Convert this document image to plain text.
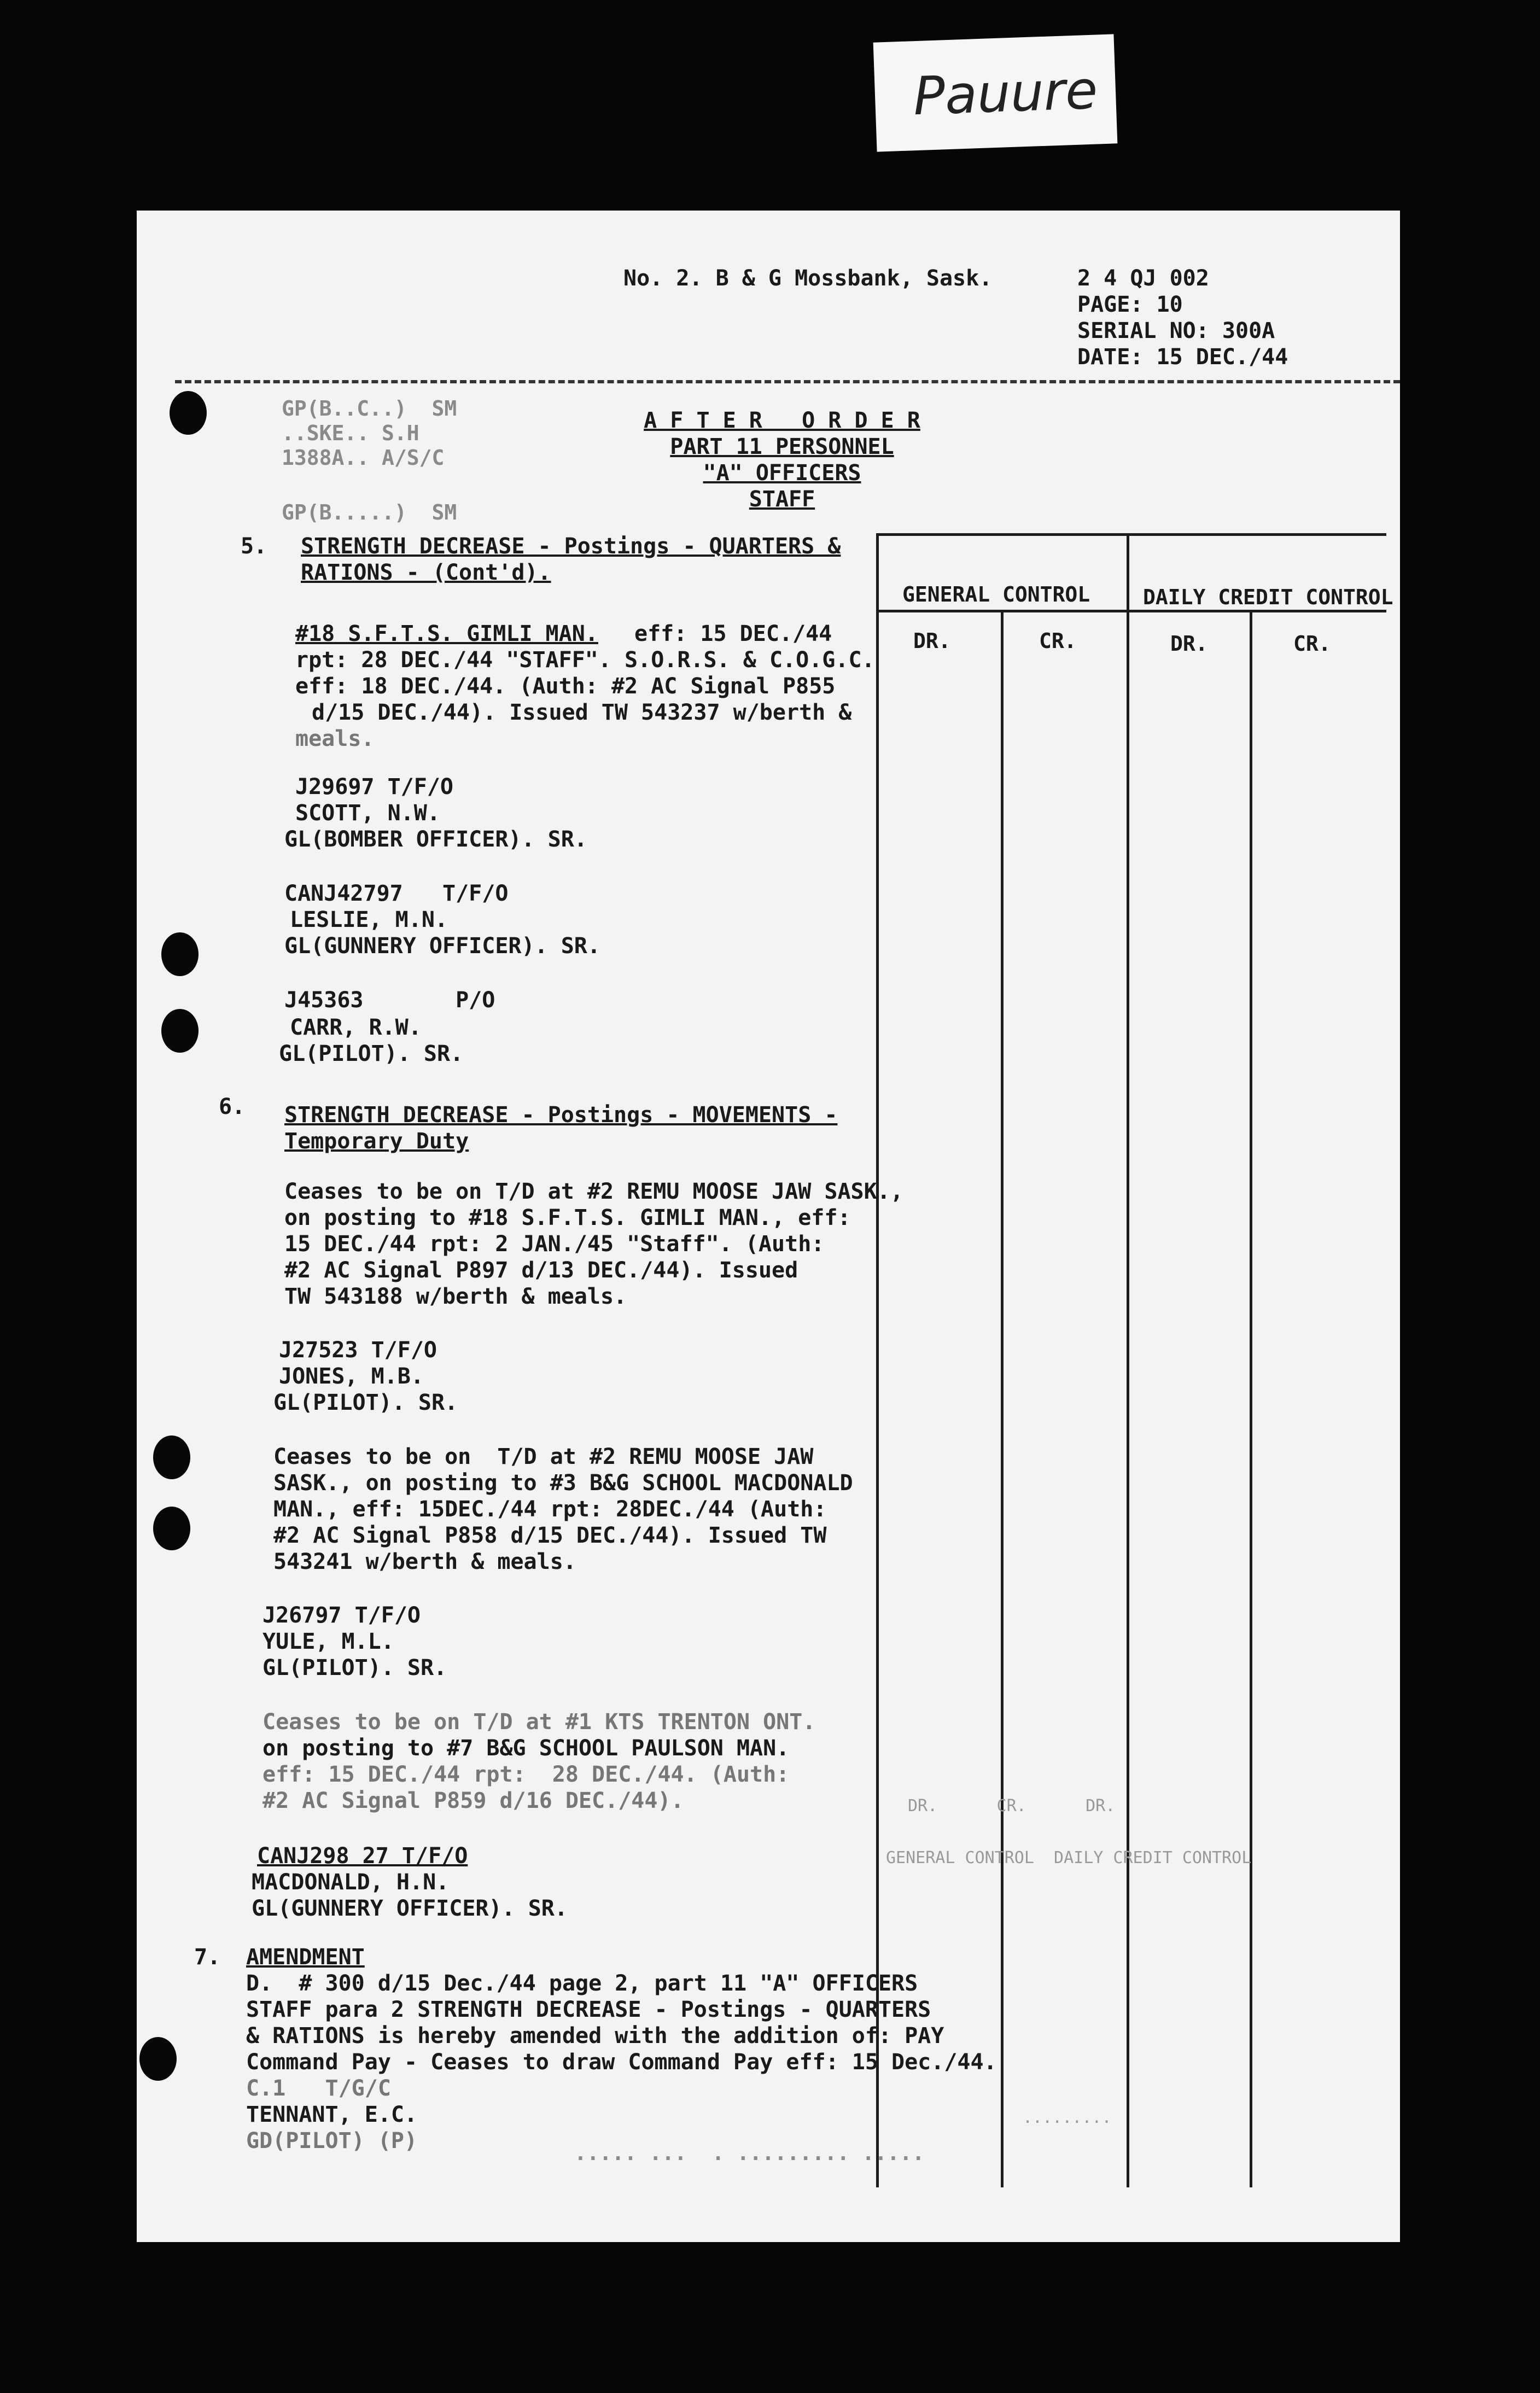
Pauure
No. 2. B & G Mossbank, Sask.	2 4 QJ 002
PAGE: 10
SERIAL NO: 300A
DATE: 15 DEC./44
GP(B..C..)  SM
..SKE.. S.H
1388A.. A/S/C
GP(B.....)  SM
A F T E R   O R D E R
PART 11 PERSONNEL
"A" OFFICERS
STAFF
GENERAL CONTROL	DAILY CREDIT CONTROL
DR.	CR.	DR.	CR.
DR.      CR.      DR.
GENERAL CONTROL  DAILY CREDIT CONTROL
.........
5. STRENGTH DECREASE - Postings - QUARTERS &
RATIONS - (Cont'd).
#18 S.F.T.S. GIMLI MAN. eff: 15 DEC./44
rpt: 28 DEC./44 "STAFF". S.O.R.S. & C.O.G.C.
eff: 18 DEC./44. (Auth: #2 AC Signal P855
d/15 DEC./44). Issued TW 543237 w/berth &
meals.
J29697 T/F/O
SCOTT, N.W.
GL(BOMBER OFFICER). SR.
CANJ42797   T/F/O
LESLIE, M.N.
GL(GUNNERY OFFICER). SR.
J45363       P/O
CARR, R.W.
GL(PILOT). SR.
6. STRENGTH DECREASE - Postings - MOVEMENTS -
Temporary Duty
Ceases to be on T/D at #2 REMU MOOSE JAW SASK.,
on posting to #18 S.F.T.S. GIMLI MAN., eff:
15 DEC./44 rpt: 2 JAN./45 "Staff". (Auth:
#2 AC Signal P897 d/13 DEC./44). Issued
TW 543188 w/berth & meals.
J27523 T/F/O
JONES, M.B.
GL(PILOT). SR.
Ceases to be on  T/D at #2 REMU MOOSE JAW
SASK., on posting to #3 B&G SCHOOL MACDONALD
MAN., eff: 15DEC./44 rpt: 28DEC./44 (Auth:
#2 AC Signal P858 d/15 DEC./44). Issued TW
543241 w/berth & meals.
J26797 T/F/O
YULE, M.L.
GL(PILOT). SR.
Ceases to be on T/D at #1 KTS TRENTON ONT.
on posting to #7 B&G SCHOOL PAULSON MAN.
eff: 15 DEC./44 rpt:  28 DEC./44. (Auth:
#2 AC Signal P859 d/16 DEC./44).
CANJ298 27 T/F/O
MACDONALD, H.N.
GL(GUNNERY OFFICER). SR.
7. AMENDMENT
D.  # 300 d/15 Dec./44 page 2, part 11 "A" OFFICERS
STAFF para 2 STRENGTH DECREASE - Postings - QUARTERS
& RATIONS is hereby amended with the addition of: PAY
Command Pay - Ceases to draw Command Pay eff: 15 Dec./44.
C.1   T/G/C
TENNANT, E.C.
GD(PILOT) (P)	..... ...  . ......... .....
